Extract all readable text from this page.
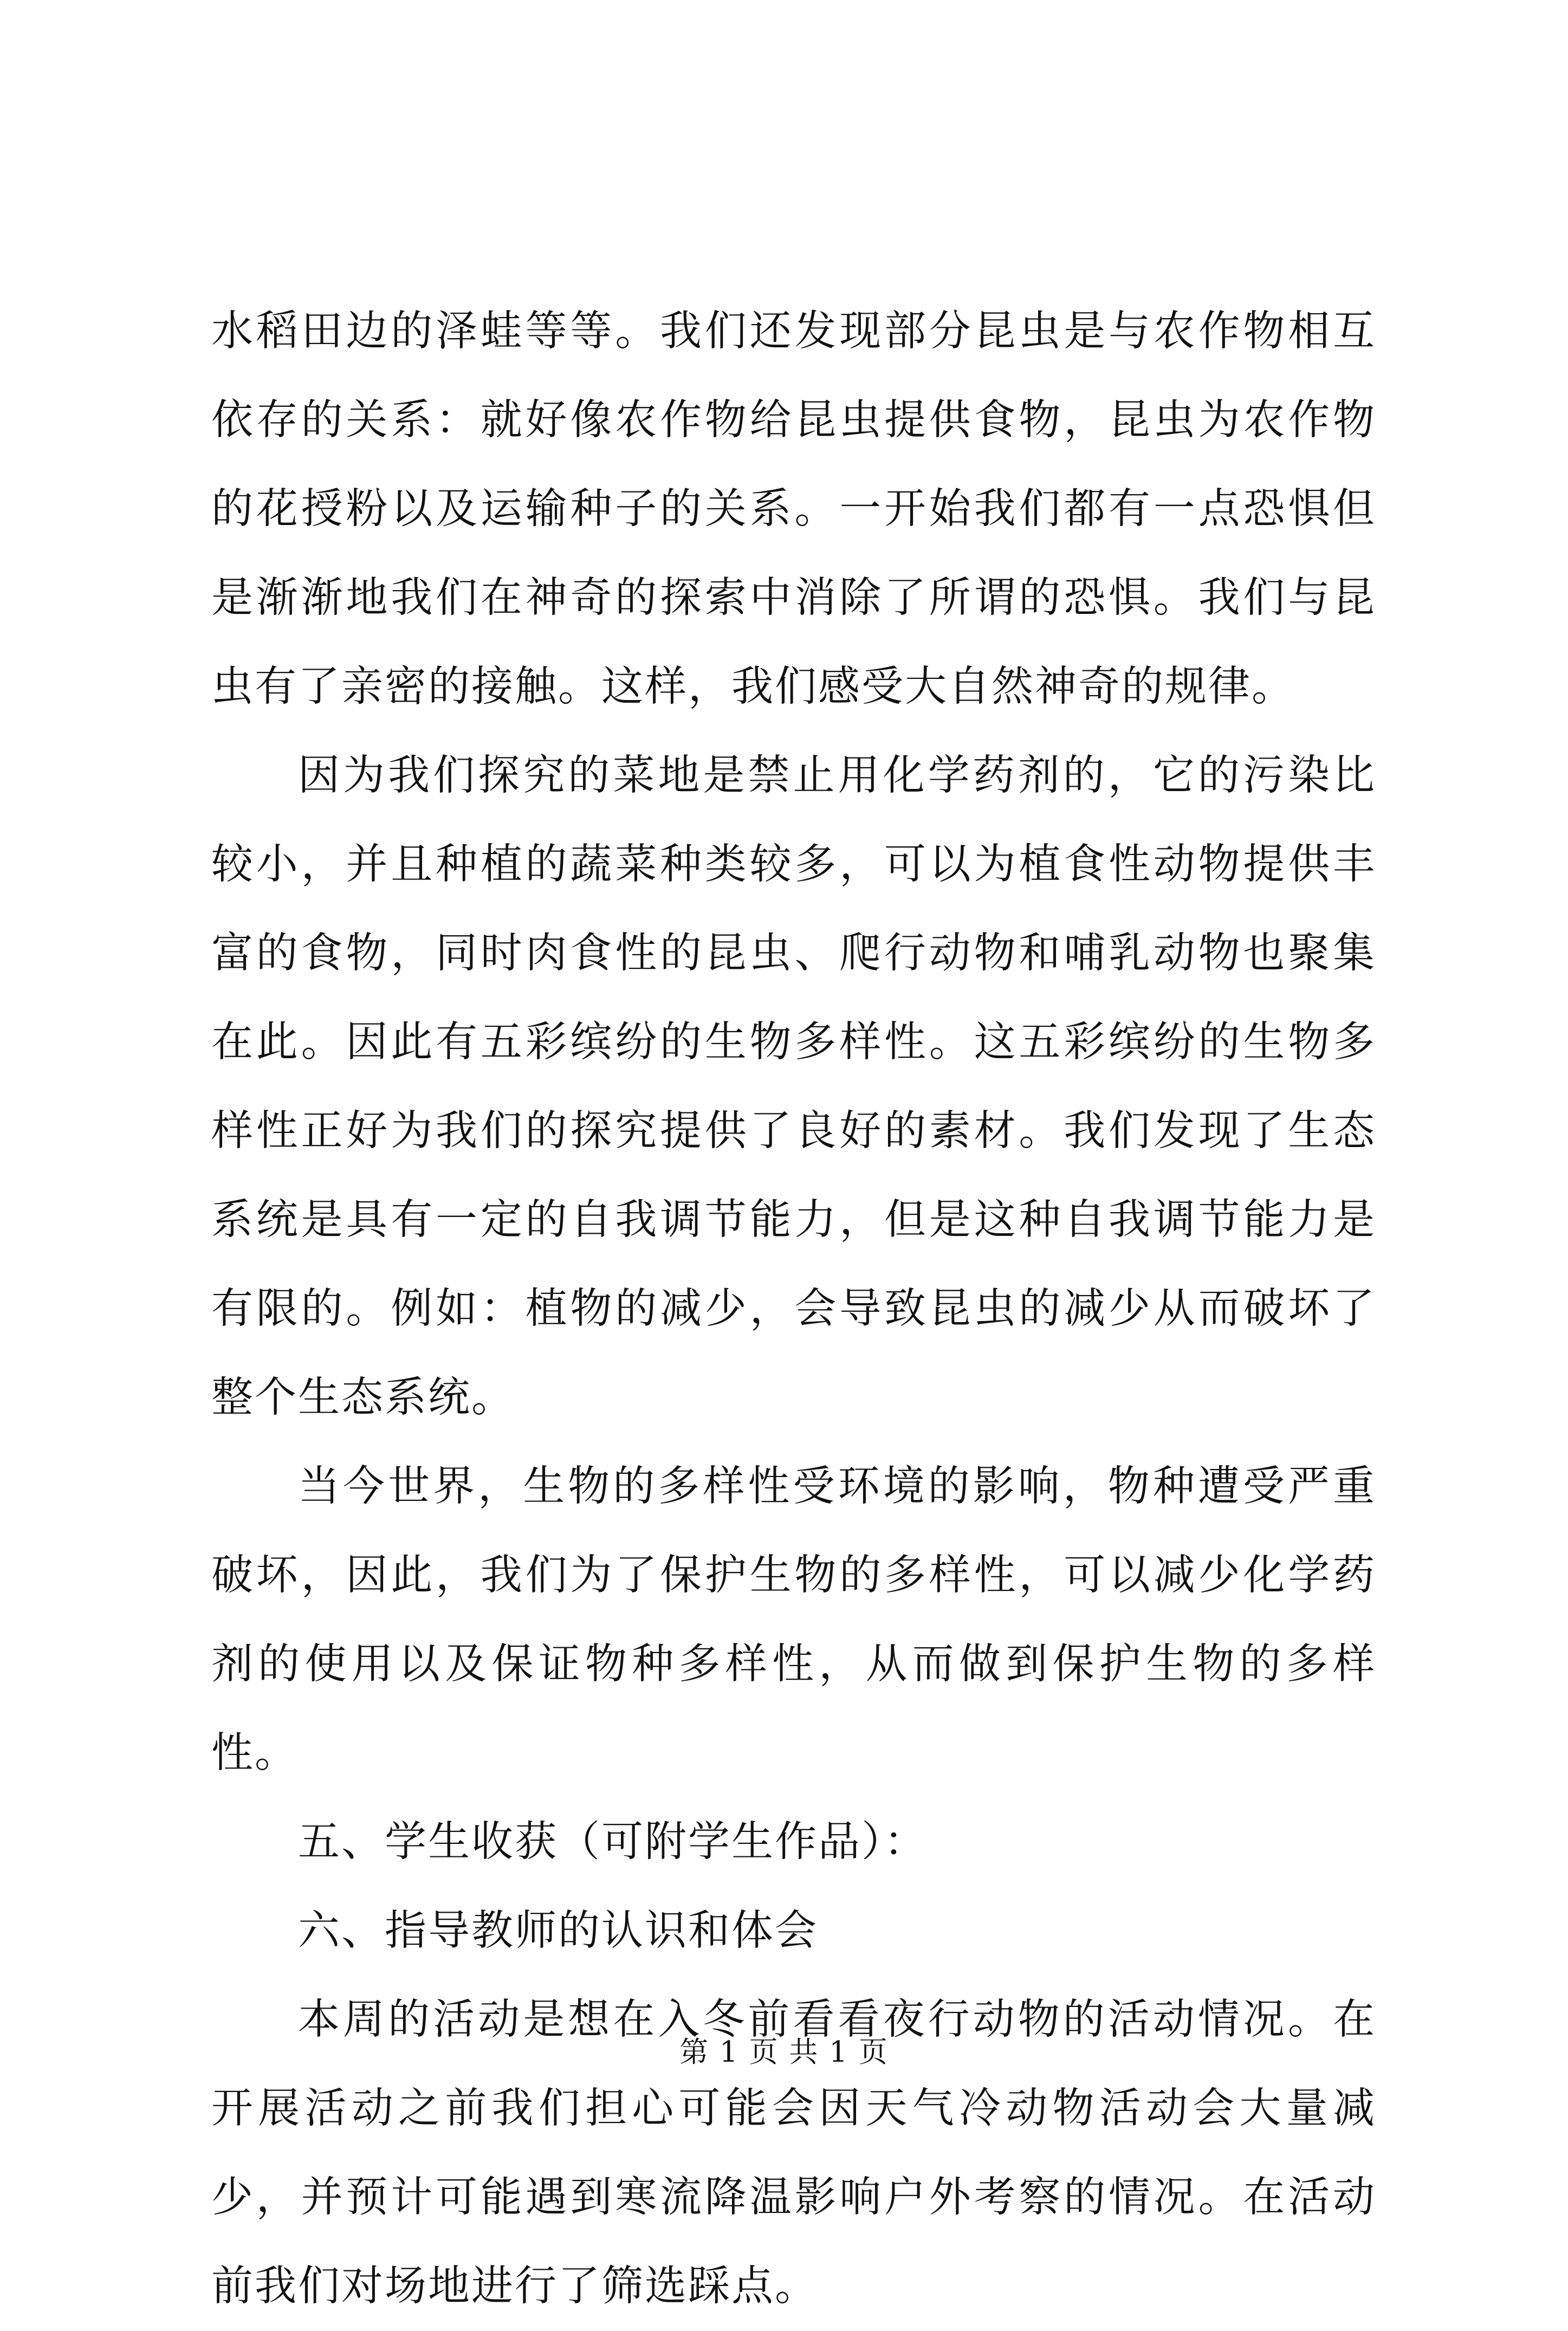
水稻田边的泽蛙等等。我们还发现部分昆虫是与农作物相互依存的关系：就好像农作物给昆虫提供食物，昆虫为农作物的花授粉以及运输种子的关系。一开始我们都有一点恐惧但是渐渐地我们在神奇的探索中消除了所谓的恐惧。我们与昆虫有了亲密的接触。这样，我们感受大自然神奇的规律。

因为我们探究的菜地是禁止用化学药剂的，它的污染比较小，并且种植的蔬菜种类较多，可以为植食性动物提供丰富的食物，同时肉食性的昆虫、爬行动物和哺乳动物也聚集在此。因此有五彩缤纷的生物多样性。这五彩缤纷的生物多样性正好为我们的探究提供了良好的素材。我们发现了生态系统是具有一定的自我调节能力，但是这种自我调节能力是有限的。例如：植物的减少，会导致昆虫的减少从而破坏了整个生态系统。

当今世界，生物的多样性受环境的影响，物种遭受严重破坏，因此，我们为了保护生物的多样性，可以减少化学药剂的使用以及保证物种多样性，从而做到保护生物的多样性。

五、学生收获（可附学生作品）：

六、指导教师的认识和体会

本周的活动是想在入冬前看看夜行动物的活动情况。在开展活动之前我们担心可能会因天气冷动物活动会大量减少，并预计可能遇到寒流降温影响户外考察的情况。在活动前我们对场地进行了筛选踩点。

第 1 页 共 1 页
